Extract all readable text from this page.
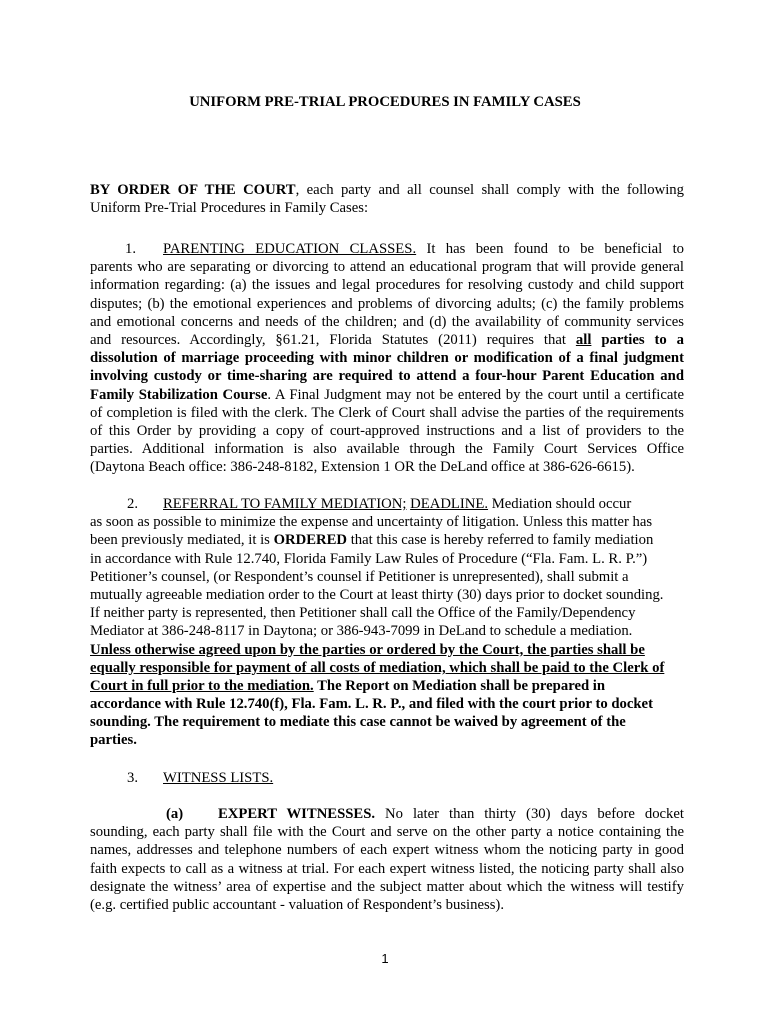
UNIFORM PRE-TRIAL PROCEDURES IN FAMILY CASES
BY ORDER OF THE COURT, each party and all counsel shall comply with the following
Uniform Pre-Trial Procedures in Family Cases:
1. PARENTING EDUCATION CLASSES. It has been found to be beneficial to
parents who are separating or divorcing to attend an educational program that will provide general
information regarding: (a) the issues and legal procedures for resolving custody and child support
disputes; (b) the emotional experiences and problems of divorcing adults; (c) the family problems
and emotional concerns and needs of the children; and (d) the availability of community services
and resources. Accordingly, §61.21, Florida Statutes (2011) requires that all parties to a
dissolution of marriage proceeding with minor children or modification of a final judgment
involving custody or time-sharing are required to attend a four-hour Parent Education and
Family Stabilization Course. A Final Judgment may not be entered by the court until a certificate
of completion is filed with the clerk. The Clerk of Court shall advise the parties of the requirements
of this Order by providing a copy of court-approved instructions and a list of providers to the
parties. Additional information is also available through the Family Court Services Office
(Daytona Beach office: 386-248-8182, Extension 1 OR the DeLand office at 386-626-6615).
2. REFERRAL TO FAMILY MEDIATION; DEADLINE. Mediation should occur
as soon as possible to minimize the expense and uncertainty of litigation. Unless this matter has
been previously mediated, it is ORDERED that this case is hereby referred to family mediation
in accordance with Rule 12.740, Florida Family Law Rules of Procedure (“Fla. Fam. L. R. P.”)
Petitioner’s counsel, (or Respondent’s counsel if Petitioner is unrepresented), shall submit a
mutually agreeable mediation order to the Court at least thirty (30) days prior to docket sounding.
If neither party is represented, then Petitioner shall call the Office of the Family/Dependency
Mediator at 386-248-8117 in Daytona; or 386-943-7099 in DeLand to schedule a mediation.
Unless otherwise agreed upon by the parties or ordered by the Court, the parties shall be
equally responsible for payment of all costs of mediation, which shall be paid to the Clerk of
Court in full prior to the mediation. The Report on Mediation shall be prepared in
accordance with Rule 12.740(f), Fla. Fam. L. R. P., and filed with the court prior to docket
sounding. The requirement to mediate this case cannot be waived by agreement of the
parties.
3. WITNESS LISTS.
(a) EXPERT WITNESSES. No later than thirty (30) days before docket
sounding, each party shall file with the Court and serve on the other party a notice containing the
names, addresses and telephone numbers of each expert witness whom the noticing party in good
faith expects to call as a witness at trial. For each expert witness listed, the noticing party shall also
designate the witness’ area of expertise and the subject matter about which the witness will testify
(e.g. certified public accountant - valuation of Respondent’s business).
1
